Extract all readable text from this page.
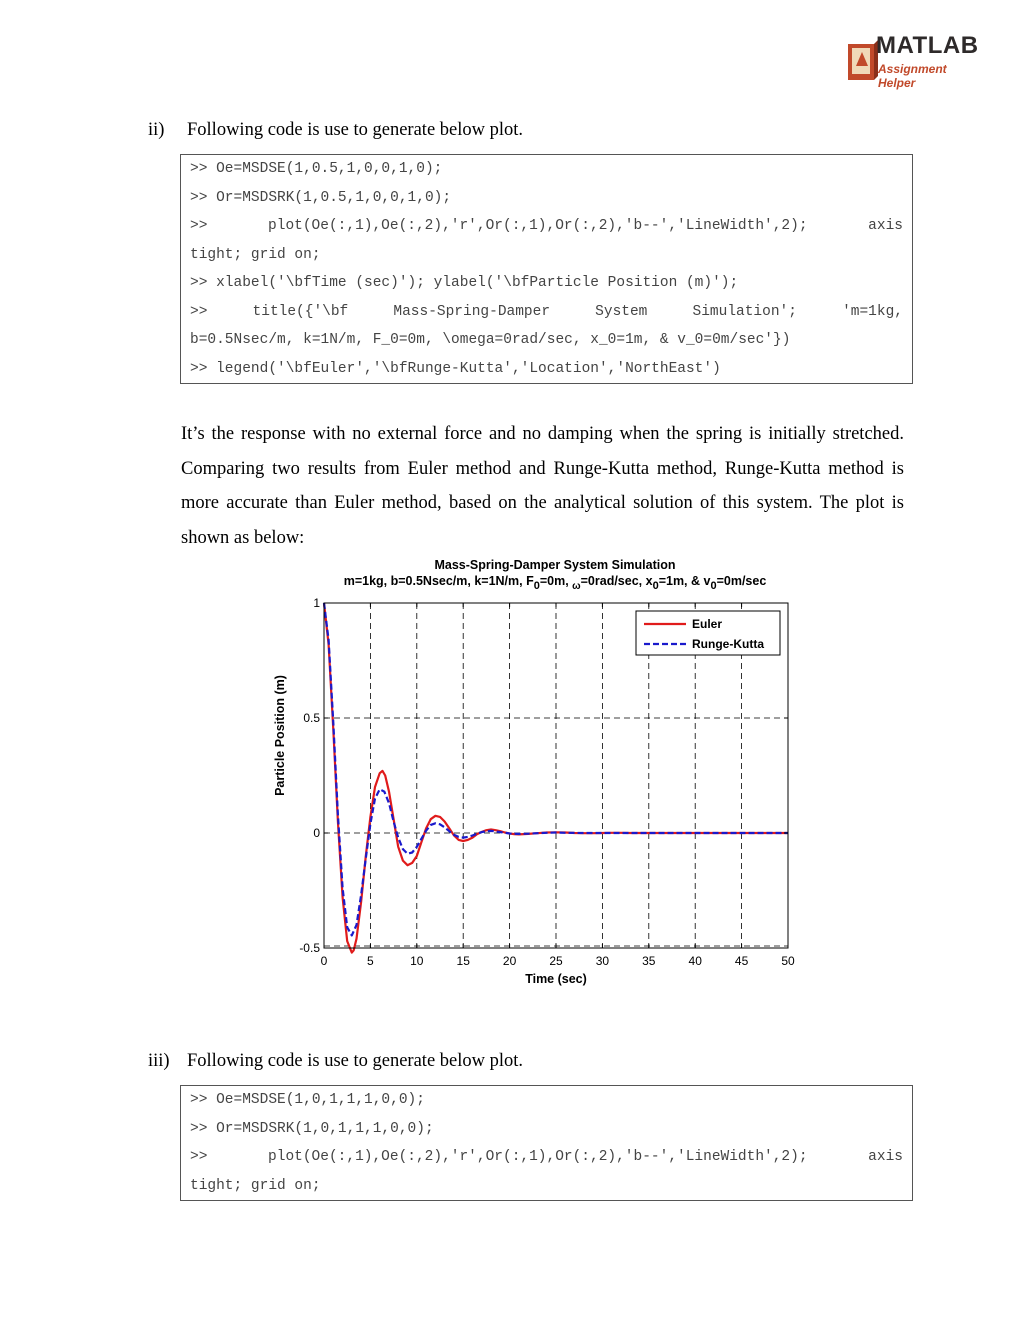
MATLAB
Assignment Helper
ii) Following code is use to generate below plot.
>> Oe=MSDSE(1,0.5,1,0,0,1,0);
>> Or=MSDSRK(1,0.5,1,0,0,1,0);
>> plot(Oe(:,1),Oe(:,2),'r',Or(:,1),Or(:,2),'b--','LineWidth',2); axis
tight; grid on;
>> xlabel('\bfTime (sec)'); ylabel('\bfParticle Position (m)');
>> title({'\bf Mass-Spring-Damper System Simulation'; 'm=1kg,
b=0.5Nsec/m, k=1N/m, F_0=0m, \omega=0rad/sec, x_0=1m, & v_0=0m/sec'})
>> legend('\bfEuler','\bfRunge-Kutta','Location','NorthEast')
It’s the response with no external force and no damping when the spring is initially stretched. Comparing two results from Euler method and Runge-Kutta method, Runge-Kutta method is more accurate than Euler method, based on the analytical solution of this system. The plot is shown as below:
Mass-Spring-Damper System Simulation
m=1kg, b=0.5Nsec/m, k=1N/m, F0=0m, ω=0rad/sec, x0=1m, & v0=0m/sec
0	5	10	15	20	25	30	35	40	45	50
-0.5
0
0.5
1
Time (sec)
Particle Position (m)
Euler
Runge-Kutta
iii) Following code is use to generate below plot.
>> Oe=MSDSE(1,0,1,1,1,0,0);
>> Or=MSDSRK(1,0,1,1,1,0,0);
>> plot(Oe(:,1),Oe(:,2),'r',Or(:,1),Or(:,2),'b--','LineWidth',2); axis
tight; grid on;
